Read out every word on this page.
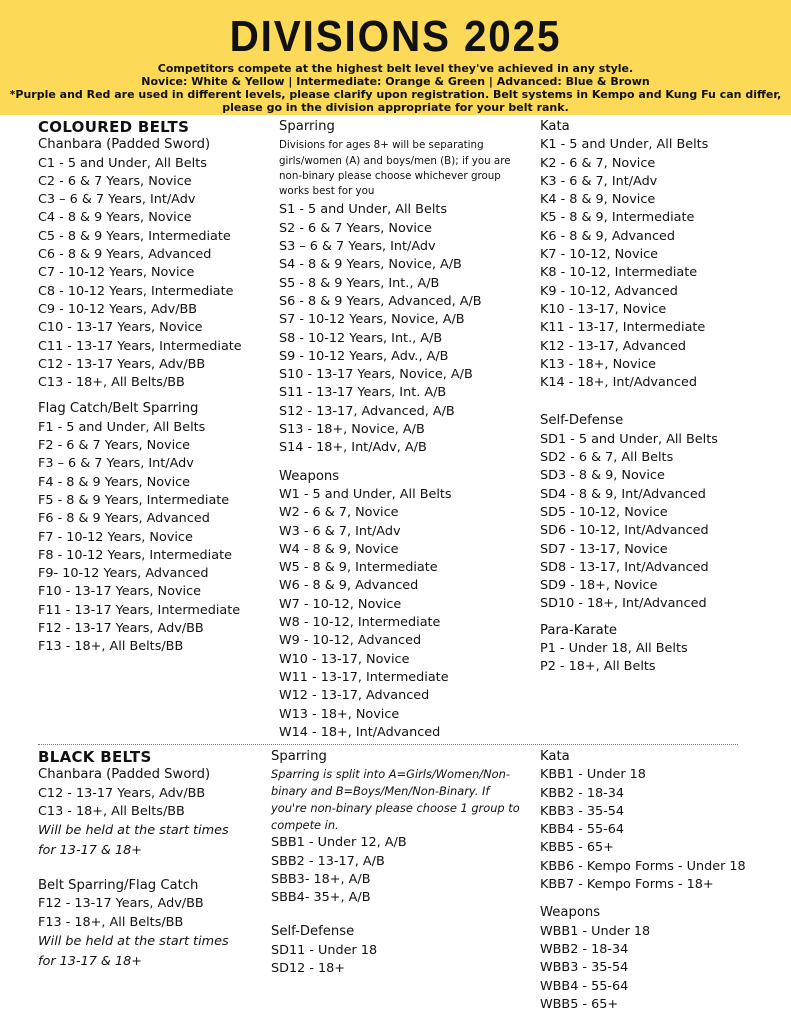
DIVISIONS 2025
Competitors compete at the highest belt level they've achieved in any style.
Novice: White & Yellow | Intermediate: Orange & Green | Advanced: Blue & Brown
*Purple and Red are used in different levels, please clarify upon registration. Belt systems in Kempo and Kung Fu can differ, please go in the division appropriate for your belt rank.
COLOURED BELTS
Chanbara (Padded Sword)
C1 - 5 and Under, All Belts
C2 - 6 & 7 Years, Novice
C3 – 6 & 7 Years, Int/Adv
C4 - 8 & 9 Years, Novice
C5 - 8 & 9 Years, Intermediate
C6 - 8 & 9 Years, Advanced
C7 - 10-12 Years, Novice
C8 - 10-12 Years, Intermediate
C9 - 10-12 Years, Adv/BB
C10 - 13-17 Years, Novice
C11 - 13-17 Years, Intermediate
C12 - 13-17 Years, Adv/BB
C13 - 18+, All Belts/BB
Flag Catch/Belt Sparring
F1 - 5 and Under, All Belts
F2 - 6 & 7 Years, Novice
F3 – 6 & 7 Years, Int/Adv
F4 - 8 & 9 Years, Novice
F5 - 8 & 9 Years, Intermediate
F6 - 8 & 9 Years, Advanced
F7 - 10-12 Years, Novice
F8 - 10-12 Years, Intermediate
F9- 10-12 Years, Advanced
F10 - 13-17 Years, Novice
F11 - 13-17 Years, Intermediate
F12 - 13-17 Years, Adv/BB
F13 - 18+, All Belts/BB
Sparring
Divisions for ages 8+ will be separating girls/women (A) and boys/men (B); if you are non-binary please choose whichever group works best for you
S1 - 5 and Under, All Belts
S2 - 6 & 7 Years, Novice
S3 – 6 & 7 Years, Int/Adv
S4 - 8 & 9 Years, Novice, A/B
S5 - 8 & 9 Years, Int., A/B
S6 - 8 & 9 Years, Advanced, A/B
S7 - 10-12 Years, Novice, A/B
S8 - 10-12 Years, Int., A/B
S9 - 10-12 Years, Adv., A/B
S10 - 13-17 Years, Novice, A/B
S11 - 13-17 Years, Int. A/B
S12 - 13-17, Advanced, A/B
S13 - 18+, Novice, A/B
S14 - 18+, Int/Adv, A/B
Weapons
W1 - 5 and Under, All Belts
W2 - 6 & 7, Novice
W3 - 6 & 7, Int/Adv
W4 - 8 & 9, Novice
W5 - 8 & 9, Intermediate
W6 - 8 & 9, Advanced
W7 - 10-12, Novice
W8 - 10-12, Intermediate
W9 - 10-12, Advanced
W10 - 13-17, Novice
W11 - 13-17, Intermediate
W12 - 13-17, Advanced
W13 - 18+, Novice
W14 - 18+, Int/Advanced
Kata
K1 - 5 and Under, All Belts
K2 - 6 & 7, Novice
K3 - 6 & 7, Int/Adv
K4 - 8 & 9, Novice
K5 - 8 & 9, Intermediate
K6 - 8 & 9, Advanced
K7 - 10-12, Novice
K8 - 10-12, Intermediate
K9 - 10-12, Advanced
K10 - 13-17, Novice
K11 - 13-17, Intermediate
K12 - 13-17, Advanced
K13 - 18+, Novice
K14 - 18+, Int/Advanced
Self-Defense
SD1 - 5 and Under, All Belts
SD2 - 6 & 7, All Belts
SD3 - 8 & 9, Novice
SD4 - 8 & 9, Int/Advanced
SD5 - 10-12, Novice
SD6 - 10-12, Int/Advanced
SD7 - 13-17, Novice
SD8 - 13-17, Int/Advanced
SD9 - 18+, Novice
SD10 - 18+, Int/Advanced
Para-Karate
P1 - Under 18, All Belts
P2 - 18+, All Belts
BLACK BELTS
Chanbara (Padded Sword)
C12 - 13-17 Years, Adv/BB
C13 - 18+, All Belts/BB
Will be held at the start times
for 13-17 & 18+
Belt Sparring/Flag Catch
F12 - 13-17 Years, Adv/BB
F13 - 18+, All Belts/BB
Will be held at the start times
for 13-17 & 18+
Sparring
Sparring is split into A=Girls/Women/Non-binary and B=Boys/Men/Non-Binary. If you're non-binary please choose 1 group to compete in.
SBB1 - Under 12, A/B
SBB2 - 13-17, A/B
SBB3- 18+, A/B
SBB4- 35+, A/B
Self-Defense
SD11 - Under 18
SD12 - 18+
Kata
KBB1 - Under 18
KBB2 - 18-34
KBB3 - 35-54
KBB4 - 55-64
KBB5 - 65+
KBB6 - Kempo Forms - Under 18
KBB7 - Kempo Forms - 18+
Weapons
WBB1 - Under 18
WBB2 - 18-34
WBB3 - 35-54
WBB4 - 55-64
WBB5 - 65+
